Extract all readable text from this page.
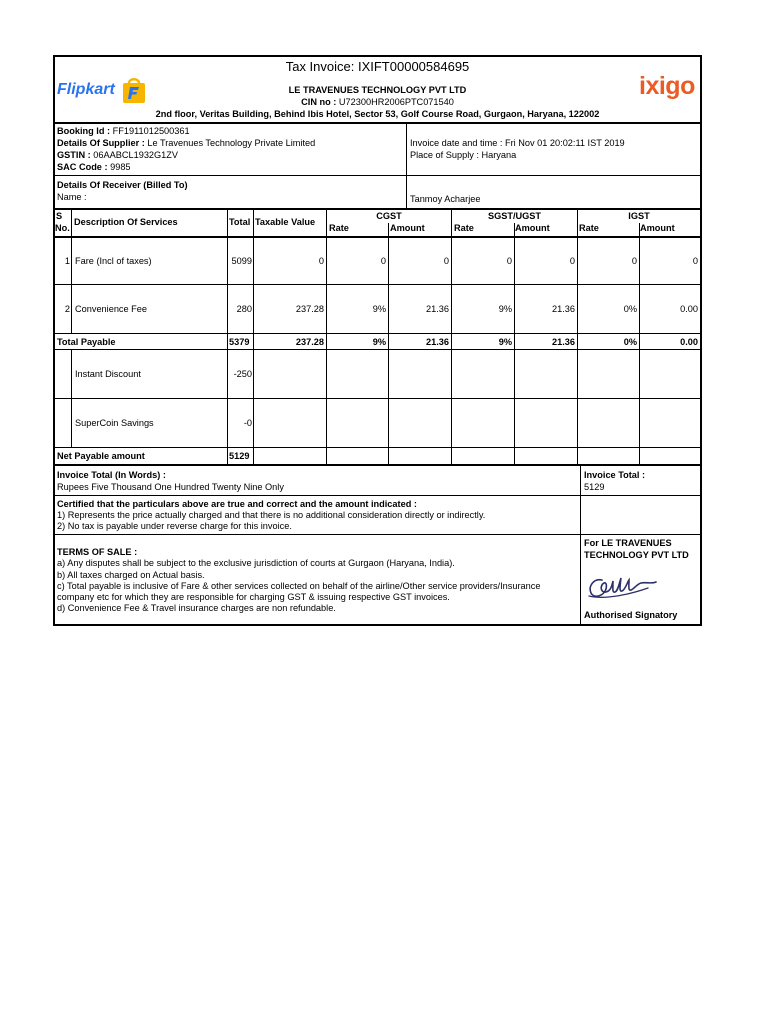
Tax Invoice: IXIFT00000584695
Flipkart	ixigo
LE TRAVENUES TECHNOLOGY PVT LTD
CIN no : U72300HR2006PTC071540
2nd floor, Veritas Building, Behind Ibis Hotel, Sector 53, Golf Course Road, Gurgaon, Haryana, 122002
Booking Id : FF1911012500361
Details Of Supplier : Le Travenues Technology Private Limited
GSTIN : 06AABCL1932G1ZV
SAC Code : 9985
Invoice date and time : Fri Nov 01 20:02:11 IST 2019
Place of Supply : Haryana
Details Of Receiver (Billed To)
Name :	Tanmoy Acharjee
S
No.
Description Of Services	Total Taxable Value
CGST	SGST/UGST	IGST
Rate	Amount	Rate	Amount	Rate	Amount
1 Fare (Incl of taxes)	5099	0	0	0	0	0	0	0
2 Convenience Fee	280	237.28	9%	21.36	9%	21.36	0%	0.00
Total Payable	5379	237.28	9%	21.36	9%	21.36	0%	0.00
Instant Discount	-250
SuperCoin Savings	-0
Net Payable amount	5129
Invoice Total (In Words) :
Rupees Five Thousand One Hundred Twenty Nine Only
Invoice Total :
5129
Certified that the particulars above are true and correct and the amount indicated :
1) Represents the price actually charged and that there is no additional consideration directly or indirectly.
2) No tax is payable under reverse charge for this invoice.
TERMS OF SALE :
a) Any disputes shall be subject to the exclusive jurisdiction of courts at Gurgaon (Haryana, India).
b) All taxes charged on Actual basis.
c) Total payable is inclusive of Fare & other services collected on behalf of the airline/Other service providers/Insurance
company etc for which they are responsible for charging GST & issuing respective GST invoices.
d) Convenience Fee & Travel insurance charges are non refundable.
For LE TRAVENUES
TECHNOLOGY PVT LTD
Authorised Signatory
